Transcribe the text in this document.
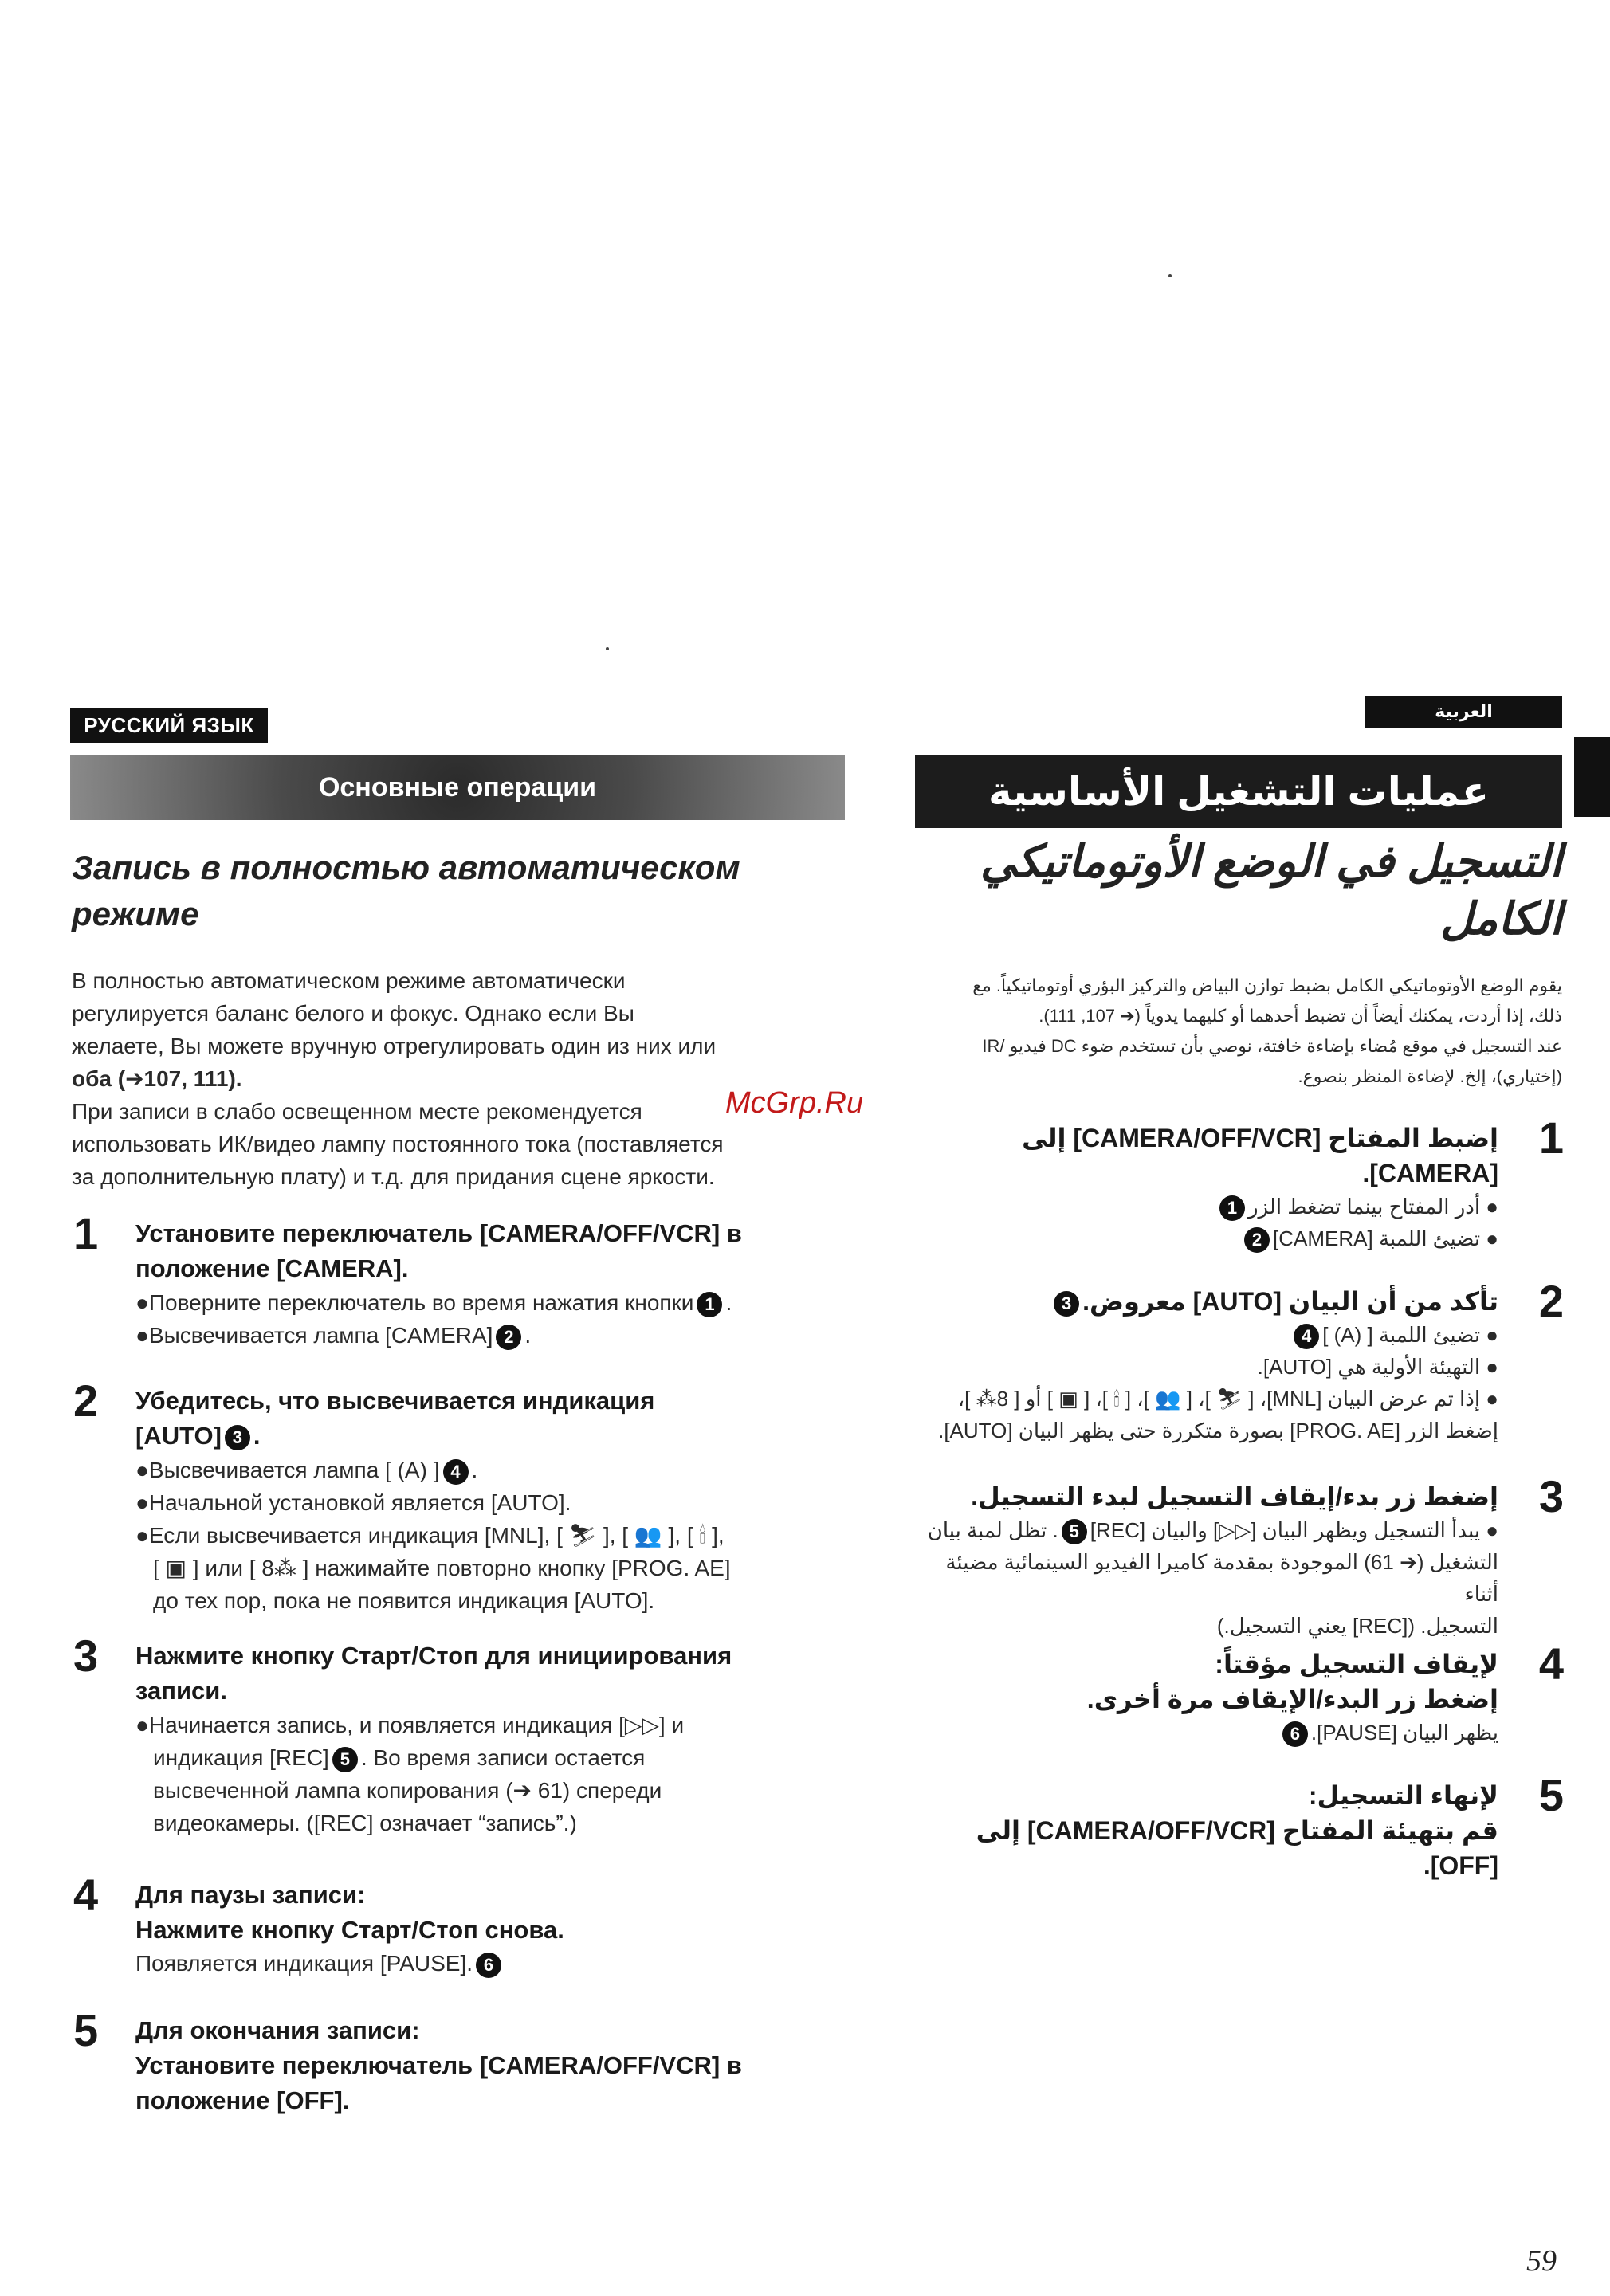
РУССКИЙ ЯЗЫК
العربية
Основные операции	عمليات التشغيل الأساسية
Запись в полностью автоматическом режиме
التسجيل في الوضع الأوتوماتيكي الكامل
В полностью автоматическом режиме автоматически
регулируется баланс белого и фокус. Однако если Вы
желаете, Вы можете вручную отрегулировать один из них или
оба (➔107, 111).
При записи в слабо освещенном месте рекомендуется
использовать ИК/видео лампу постоянного тока (поставляется
за дополнительную плату) и т.д. для придания сцене яркости.
يقوم الوضع الأوتوماتيكي الكامل بضبط توازن البياض والتركيز البؤري أوتوماتيكياً. مع
ذلك، إذا أردت، يمكنك أيضاً أن تضبط أحدهما أو كليهما يدوياً (➔ 107, 111).
عند التسجيل في موقع مُضاء بإضاءة خافتة، نوصي بأن تستخدم ضوء DC فيديو /IR
(إختياري)، إلخ. لإضاءة المنظر بنصوع.
McGrp.Ru
1 Установите переключатель [CAMERA/OFF/VCR] в
положение [CAMERA].
●Поверните переключатель во время нажатия кнопки 1 .
●Высвечивается лампа [CAMERA] 2 .
2 Убедитесь, что высвечивается индикация
[AUTO] 3 .
●Высвечивается лампа [ (A) ] 4 .
●Начальной установкой является [AUTO].
●Если высвечивается индикация [MNL], [ ⛷ ], [ 👥 ], [ 🕯 ],
[ ▣ ] или [ 8⁂ ] нажимайте повторно кнопку [PROG. AE]
до тех пор, пока не появится индикация [AUTO].
3 Нажмите кнопку Старт/Стоп для инициирования
записи.
●Начинается запись, и появляется индикация [▷▷] и
индикация [REC] 5 . Во время записи остается
высвеченной лампа копирования (➔ 61) спереди
видеокамеры. ([REC] означает “запись”.)
4 Для паузы записи:
Нажмите кнопку Старт/Стоп снова.
Появляется индикация [PAUSE]. 6
5 Для окончания записи:
Установите переключатель [CAMERA/OFF/VCR] в
положение [OFF].
1
إضبط المفتاح [CAMERA/OFF/VCR] إلى
[CAMERA].
● أدر المفتاح بينما تضغط الزر1
● تضيئ اللمبة [CAMERA]2
2
تأكد من أن البيان [AUTO] معروض.3
● تضيئ اللمبة [ (A) ]4
● التهيئة الأولية هي [AUTO].
● إذا تم عرض البيان [MNL]، [ ⛷ ]، [ 👥 ]، [ 🕯 ]، [ ▣ ] أو [ 8⁂ ]،
إضغط الزر [PROG. AE] بصورة متكررة حتى يظهر البيان [AUTO].
3
إضغط زر بدء/إيقاف التسجيل لبدء التسجيل.
● يبدأ التسجيل ويظهر البيان [▷▷] والبيان [REC]5. تظل لمبة بيان
التشغيل (➔ 61) الموجودة بمقدمة كاميرا الفيديو السينمائية مضيئة أثناء
التسجيل. ([REC] يعني التسجيل.)
4
لإيقاف التسجيل مؤقتاً:
إضغط زر البدء/الإيقاف مرة أخرى.
يظهر البيان [PAUSE].6
5
لإنهاء التسجيل:
قم بتهيئة المفتاح [CAMERA/OFF/VCR] إلى
[OFF].
59
